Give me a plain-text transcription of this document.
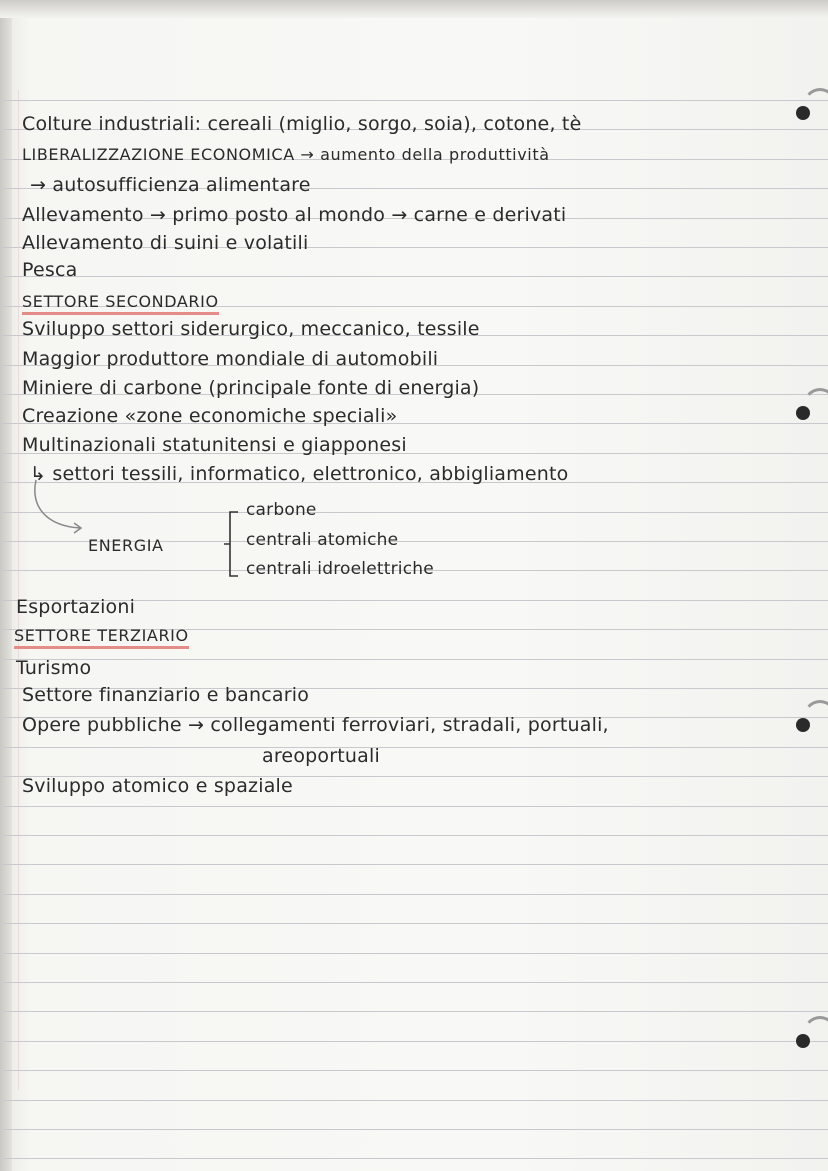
Colture industriali: cereali (miglio, sorgo, soia), cotone, tè
LIBERALIZZAZIONE ECONOMICA → aumento della produttività
→ autosufficienza alimentare
Allevamento → primo posto al mondo → carne e derivati
Allevamento di suini e volatili
Pesca
SETTORE SECONDARIO
Sviluppo settori siderurgico, meccanico, tessile
Maggior produttore mondiale di automobili
Miniere di carbone (principale fonte di energia)
Creazione «zone economiche speciali»
Multinazionali statunitensi e giapponesi
↳ settori tessili, informatico, elettronico, abbigliamento
ENERGIA
carbone
centrali atomiche
centrali idroelettriche
Esportazioni
SETTORE TERZIARIO
Turismo
Settore finanziario e bancario
Opere pubbliche → collegamenti ferroviari, stradali, portuali,
areoportuali
Sviluppo atomico e spaziale
